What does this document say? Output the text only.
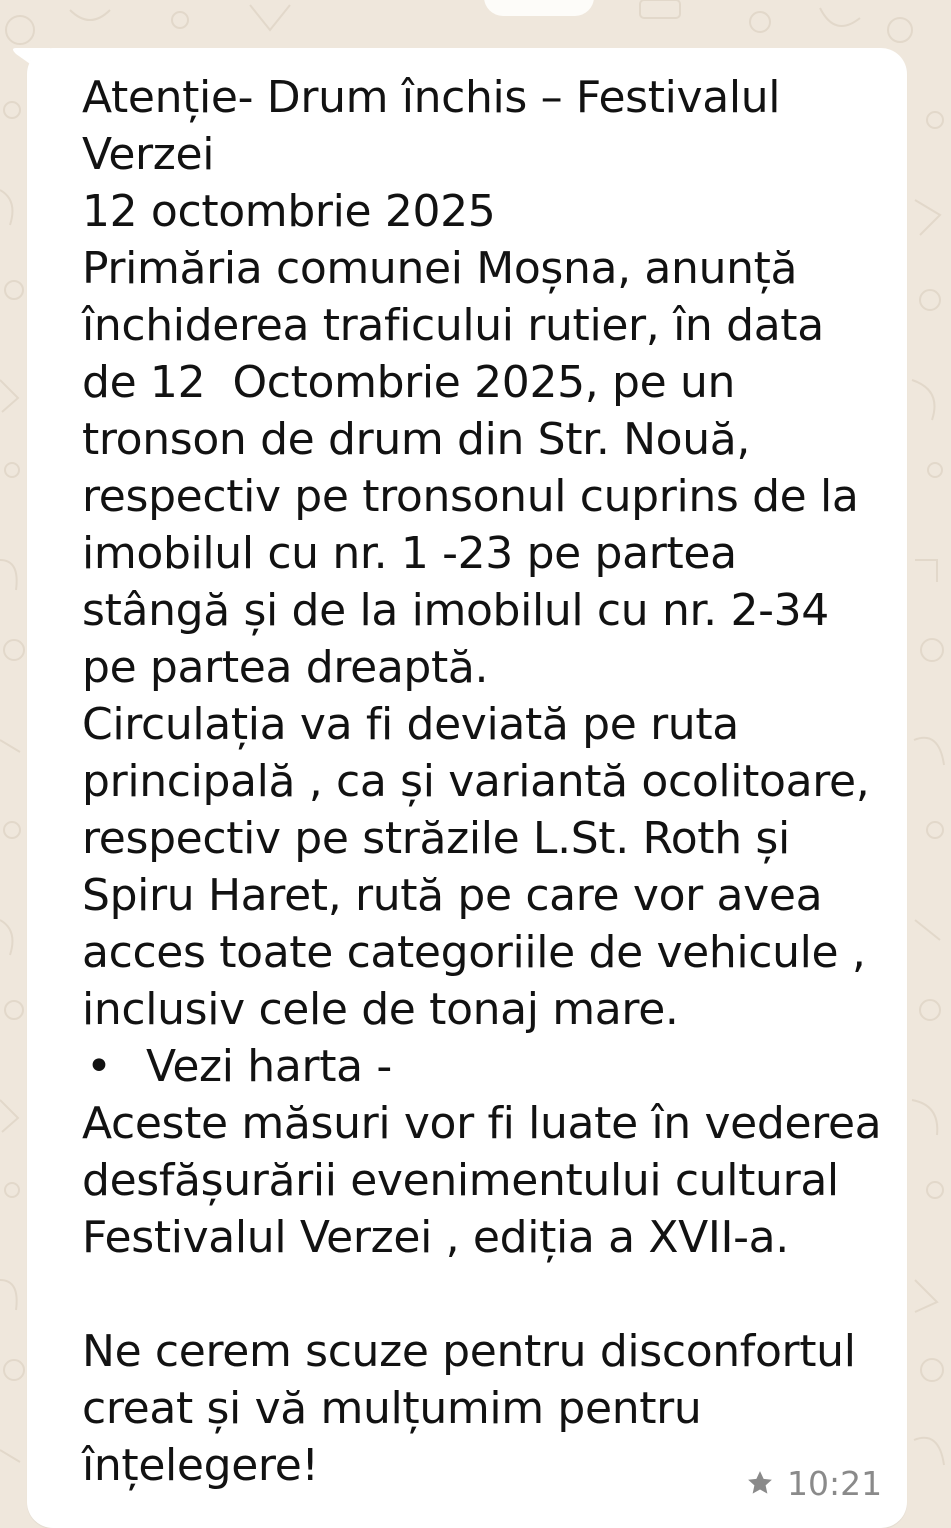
Atenție- Drum închis – Festivalul
Verzei
12 octombrie 2025
Primăria comunei Moșna, anunță
închiderea traficului rutier, în data
de 12  Octombrie 2025, pe un
tronson de drum din Str. Nouă,
respectiv pe tronsonul cuprins de la
imobilul cu nr. 1 -23 pe partea
stângă și de la imobilul cu nr. 2-34
pe partea dreaptă.
Circulația va fi deviată pe ruta
principală , ca și variantă ocolitoare,
respectiv pe străzile L.St. Roth și
Spiru Haret, rută pe care vor avea
acces toate categoriile de vehicule ,
inclusiv cele de tonaj mare.
• Vezi harta -
Aceste măsuri vor fi luate în vederea
desfășurării evenimentului cultural
Festivalul Verzei , ediția a XVII-a.
Ne cerem scuze pentru disconfortul
creat și vă mulțumim pentru
înțelegere!	10:21
